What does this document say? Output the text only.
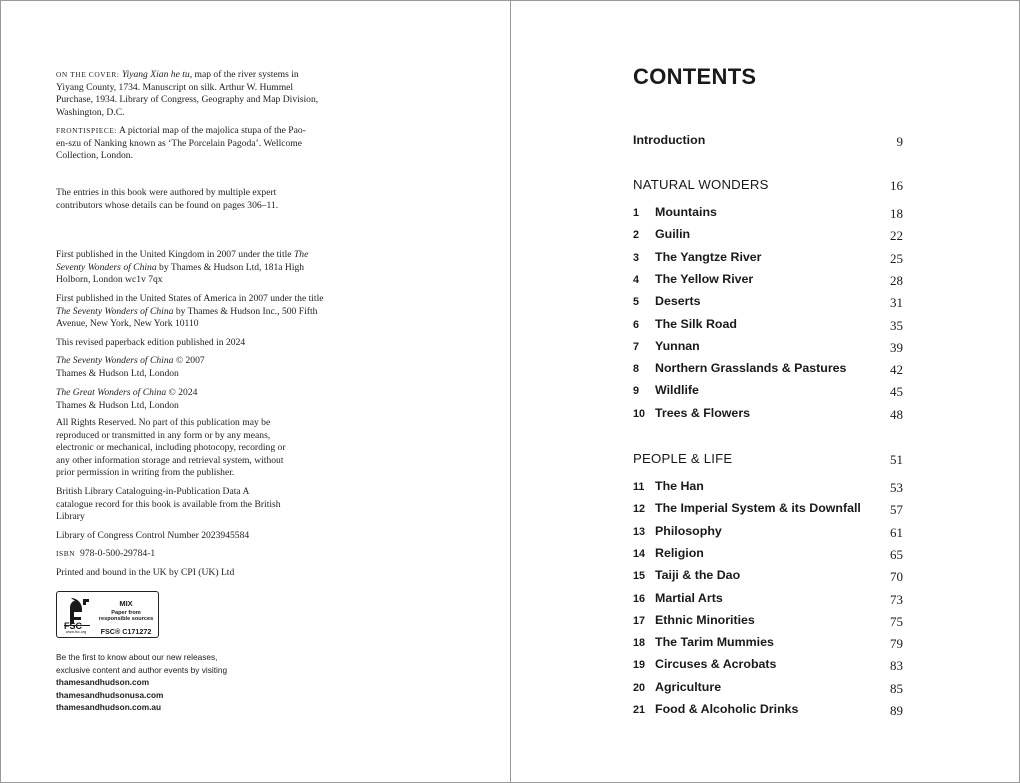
ON THE COVER: Yiyang Xian he tu, map of the river systems in Yiyang County, 1734. Manuscript on silk. Arthur W. Hummel Purchase, 1934. Library of Congress, Geography and Map Division, Washington, D.C.

FRONTISPIECE: A pictorial map of the majolica stupa of the Pao-en-szu of Nanking known as ‘The Porcelain Pagoda’. Wellcome Collection, London.

The entries in this book were authored by multiple expert contributors whose details can be found on pages 306–11.

First published in the United Kingdom in 2007 under the title The Seventy Wonders of China by Thames & Hudson Ltd, 181a High Holborn, London wc1v 7qx

First published in the United States of America in 2007 under the title The Seventy Wonders of China by Thames & Hudson Inc., 500 Fifth Avenue, New York, New York 10110

This revised paperback edition published in 2024

The Seventy Wonders of China © 2007
Thames & Hudson Ltd, London

The Great Wonders of China © 2024
Thames & Hudson Ltd, London

All Rights Reserved. No part of this publication may be reproduced or transmitted in any form or by any means, electronic or mechanical, including photocopy, recording or any other information storage and retrieval system, without prior permission in writing from the publisher.

British Library Cataloguing-in-Publication Data A catalogue record for this book is available from the British Library

Library of Congress Control Number 2023945584

ISBN  978-0-500-29784-1

Printed and bound in the UK by CPI (UK) Ltd

FSC
www.fsc.org
MIX
Paper from
responsible sources
FSC® C171272

Be the first to know about our new releases,
exclusive content and author events by visiting

thamesandhudson.com
thamesandhudsonusa.com
thamesandhudson.com.au

CONTENTS
Introduction	9
NATURAL WONDERS	16
1 Mountains	18
2 Guilin	22
3 The Yangtze River	25
4 The Yellow River	28
5 Deserts	31
6 The Silk Road	35
7 Yunnan	39
8 Northern Grasslands & Pastures	42
9 Wildlife	45
10 Trees & Flowers	48
PEOPLE & LIFE	51
11 The Han	53
12 The Imperial System & its Downfall 57
13 Philosophy	61
14 Religion	65
15 Taiji & the Dao	70
16 Martial Arts	73
17 Ethnic Minorities	75
18 The Tarim Mummies	79
19 Circuses & Acrobats	83
20 Agriculture	85
21 Food & Alcoholic Drinks	89
